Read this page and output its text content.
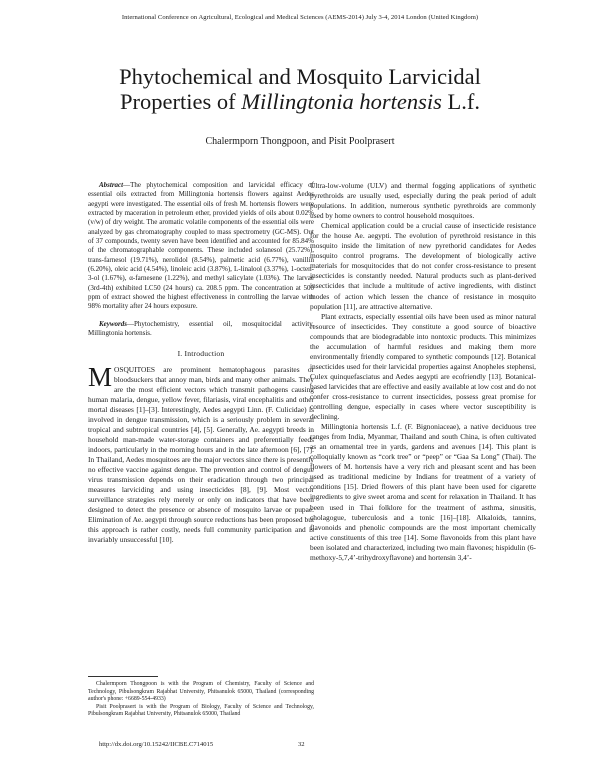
International Conference on Agricultural, Ecological and Medical Sciences (AEMS-2014) July 3-4, 2014 London (United Kingdom)
Phytochemical and Mosquito Larvicidal
Properties of Millingtonia hortensis L.f.
Chalermporn Thongpoon, and Pisit Poolprasert

Abstract—The phytochemical composition and larvicidal efficacy of essential oils extracted from Millingtonia hortensis flowers against Aedes aegypti were investigated. The essential oils of fresh M. hortensis flowers were extracted by maceration in petroleum ether, provided yields of oils about 0.02% (v/w) of dry weight. The aromatic volatile components of the essential oils were analyzed by gas chromatography coupled to mass spectrometry (GC-MS). Out of 37 compounds, twenty seven have been identified and accounted for 85.84% of the chromatographable components. These included solanesol (25.72%), trans-farnesol (19.71%), nerolidol (8.54%), palmetic acid (6.77%), vanillin (6.20%), oleic acid (4.54%), linoleic acid (3.87%), L-linalool (3.37%), 1-octen-3-ol (1.67%), α-farnesene (1.22%), and methyl salicylate (1.03%). The larvae (3rd-4th) exhibited LC50 (24 hours) ca. 208.5 ppm. The concentration at 500 ppm of extract showed the highest effectiveness in controlling the larvae with 98% mortality after 24 hours exposure.

Keywords—Phytochemistry, essential oil, mosquitocidal activity, Millingtonia hortensis.

I. Introduction

MOSQUITOES are prominent hematophagous parasites or bloodsuckers that annoy man, birds and many other animals. They are the most efficient vectors which transmit pathogens causing human malaria, dengue, yellow fever, filariasis, viral encephalitis and other mortal diseases [1]–[3]. Interestingly, Aedes aegypti Linn. (F. Culicidae) is involved in dengue transmission, which is a seriously problem in several tropical and subtropical countries [4], [5]. Generally, Ae. aegypti breeds in household man-made water-storage containers and preferentially feeds indoors, particularly in the morning hours and in the late afternoon [6], [7]. In Thailand, Aedes mosquitoes are the major vectors since there is presently no effective vaccine against dengue. The prevention and control of dengue virus transmission depends on their eradication through two principal measures larviciding and using insecticides [8], [9]. Most vector surveillance strategies rely merely or only on indicators that have been designed to detect the presence or absence of mosquito larvae or pupae. Elimination of Ae. aegypti through source reductions has been proposed but this approach is rather costly, needs full community participation and is invariably unsuccessful [10].

Chalermporn Thongpoon is with the Program of Chemistry, Faculty of Science and Technology, Pibulsongkram Rajabhat University, Phitsanulok 65000, Thailand (corresponding author's phone: +6689-554-4933)

Pisit Poolprasert is with the Program of Biology, Faculty of Science and Technology, Pibulsongkram Rajabhat University, Phitsanulok 65000, Thailand

Ultra-low-volume (ULV) and thermal fogging applications of synthetic pyrethroids are usually used, especially during the peak period of adult populations. In addition, numerous synthetic pyrethroids are commonly used by home owners to control household mosquitoes.

Chemical application could be a crucial cause of insecticide resistance for the house Ae. aegypti. The evolution of pyrethroid resistance in this mosquito inside the limitation of new pyrethorid candidates for Aedes mosquito control programs. The development of biologically active materials for mosquitocides that do not confer cross-resistance to present insecticides is constantly needed. Natural products such as plant-derived insecticides that include a multitude of active ingredients, with distinct modes of action which lessen the chance of resistance in mosquito population [11], are attractive alternative.

Plant extracts, especially essential oils have been used as minor natural resource of insecticides. They constitute a good source of bioactive compounds that are biodegradable into nontoxic products. This minimizes the accumulation of harmful residues and making them more environmentally friendly compared to synthetic compounds [12]. Botanical insecticides used for their larvicidal properties against Anopheles stephensi, Culex quinquefasciatus and Aedes aegypti are ecofriendly [13]. Botanical-based larvicides that are effective and easily available at low cost and do not confer cross-resistance to current insecticides, possess great promise for controlling dengue, especially in cases where vector susceptibility is declining.

Millingtonia hortensis L.f. (F. Bignoniaceae), a native deciduous tree ranges from India, Myanmar, Thailand and south China, is often cultivated as an ornamental tree in yards, gardens and avenues [14]. This plant is colloquially known as “cork tree” or “peep” or “Gaa Sa Long” (Thai). The flowers of M. hortensis have a very rich and pleasant scent and has been used as traditional medicine by Indians for treatment of a variety of conditions [15]. Dried flowers of this plant have been used for cigarette ingredients to give sweet aroma and scent for relaxation in Thailand. It has been used in Thai folklore for the treatment of asthma, sinusitis, cholagogue, tuberculosis and a tonic [16]–[18]. Alkaloids, tannins, flavonoids and phenolic compounds are the most important chemically active constituents of this tree [14]. Some flavonoids from this plant have been isolated and characterized, including two main flavones; hispidulin (6-methoxy-5,7,4’-trihydroxyflavone) and hortensin 3,4’-

http://dx.doi.org/10.15242/IICBE.C714015	32
